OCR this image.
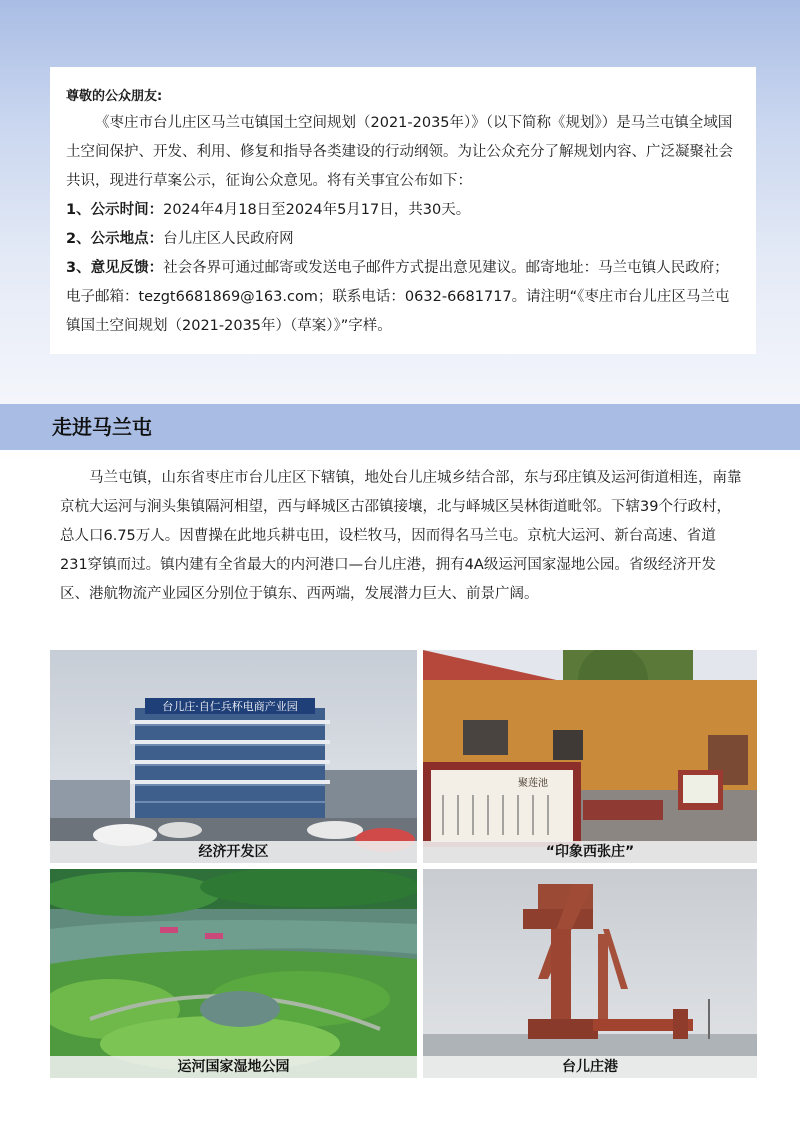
尊敬的公众朋友:

《枣庄市台儿庄区马兰屯镇国土空间规划（2021-2035年）》（以下简称《规划》）是马兰屯镇全域国土空间保护、开发、利用、修复和指导各类建设的行动纲领。为让公众充分了解规划内容、广泛凝聚社会共识，现进行草案公示，征询公众意见。将有关事宜公布如下：

1、公示时间：2024年4月18日至2024年5月17日，共30天。

2、公示地点：台儿庄区人民政府网

3、意见反馈：社会各界可通过邮寄或发送电子邮件方式提出意见建议。邮寄地址：马兰屯镇人民政府；电子邮箱：tezgt6681869@163.com；联系电话：0632-6681717。请注明“《枣庄市台儿庄区马兰屯镇国土空间规划（2021-2035年）（草案）》”字样。

走进马兰屯

马兰屯镇，山东省枣庄市台儿庄区下辖镇，地处台儿庄城乡结合部，东与邳庄镇及运河街道相连，南靠京杭大运河与涧头集镇隔河相望，西与峄城区古邵镇接壤，北与峄城区吴林街道毗邻。下辖39个行政村，总人口6.75万人。因曹操在此地兵耕屯田，设栏牧马，因而得名马兰屯。京杭大运河、新台高速、省道231穿镇而过。镇内建有全省最大的内河港口—台儿庄港，拥有4A级运河国家湿地公园。省级经济开发区、港航物流产业园区分别位于镇东、西两端，发展潜力巨大、前景广阔。

台儿庄·自仁兵杯电商产业园
经济开发区
聚莲池
“印象西张庄”
运河国家湿地公园	台儿庄港
